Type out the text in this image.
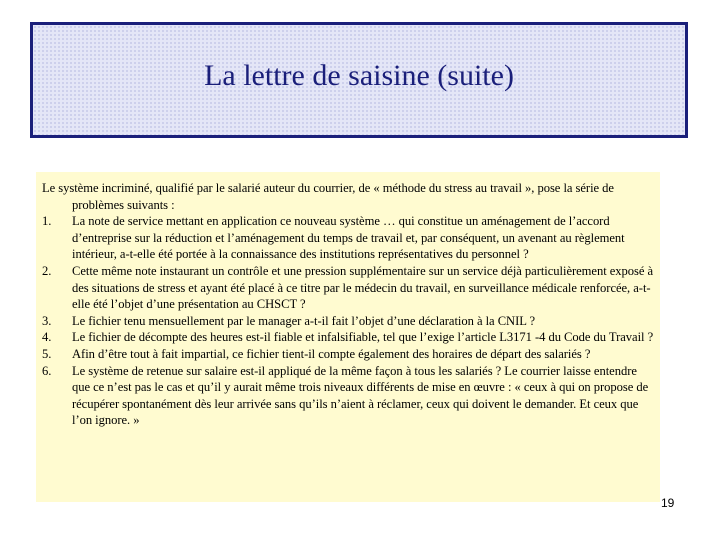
La lettre de saisine (suite)

Le système incriminé, qualifié par le salarié auteur du courrier, de « méthode du stress au travail », pose la série de problèmes suivants :

1.	La note de service mettant en application ce nouveau système … qui constitue un aménagement de l’accord d’entreprise sur la réduction et l’aménagement du temps de travail et, par conséquent, un avenant au règlement intérieur, a-t-elle été portée à la connaissance des institutions représentatives du personnel ?
2.	Cette même note instaurant un contrôle et une pression supplémentaire sur un service déjà particulièrement exposé à des situations de stress et ayant été placé à ce titre par le médecin du travail, en surveillance médicale renforcée, a-t-elle été l’objet d’une présentation au CHSCT ?
3.	Le fichier tenu mensuellement par le manager a-t-il fait l’objet d’une déclaration à la CNIL ?
4.	Le fichier de décompte des heures est-il fiable et infalsifiable, tel que l’exige l’article L3171 -4 du Code du Travail ?
5.	Afin d’être tout à fait impartial, ce fichier tient-il compte également des horaires de départ des salariés ?
6.	Le système de retenue sur salaire est-il appliqué de la même façon à tous les salariés ? Le courrier laisse entendre que ce n’est pas le cas et qu’il y aurait même trois niveaux différents de mise en œuvre : « ceux à qui on propose de récupérer spontanément dès leur arrivée sans qu’ils n’aient à réclamer, ceux qui doivent le demander. Et ceux que l’on ignore. »
19
